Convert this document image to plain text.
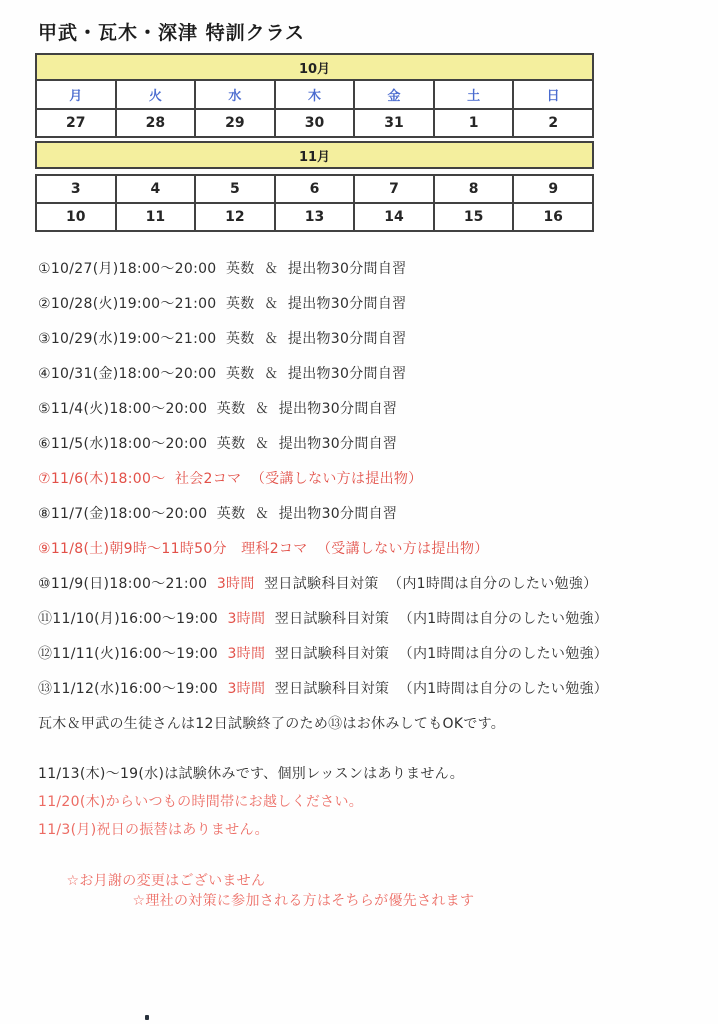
甲武・瓦木・深津 特訓クラス
10月						
月	火	水	木	金	土	日
27	28	29	30	31	1	2
11月
3	4	5	6	7	8	9
10	11	12	13	14	15	16
①10/27(月)18:00～20:00  英数  ＆  提出物30分間自習
②10/28(火)19:00～21:00  英数  ＆  提出物30分間自習
③10/29(水)19:00～21:00  英数  ＆  提出物30分間自習
④10/31(金)18:00～20:00  英数  ＆  提出物30分間自習
⑤11/4(火)18:00～20:00  英数  ＆  提出物30分間自習
⑥11/5(水)18:00～20:00  英数  ＆  提出物30分間自習
⑦11/6(木)18:00～  社会2コマ  （受講しない方は提出物）
⑧11/7(金)18:00～20:00  英数  ＆  提出物30分間自習
⑨11/8(土)朝9時～11時50分   理科2コマ  （受講しない方は提出物）
⑩11/9(日)18:00～21:00  3時間  翌日試験科目対策  （内1時間は自分のしたい勉強）
⑪11/10(月)16:00～19:00  3時間  翌日試験科目対策  （内1時間は自分のしたい勉強）
⑫11/11(火)16:00～19:00  3時間  翌日試験科目対策  （内1時間は自分のしたい勉強）
⑬11/12(水)16:00～19:00  3時間  翌日試験科目対策  （内1時間は自分のしたい勉強）
瓦木＆甲武の生徒さんは12日試験終了のため⑬はお休みしてもOKです。
11/13(木)～19(水)は試験休みです、個別レッスンはありません。
11/20(木)からいつもの時間帯にお越しください。
11/3(月)祝日の振替はありません。

☆お月謝の変更はございません
☆理社の対策に参加される方はそちらが優先されます
